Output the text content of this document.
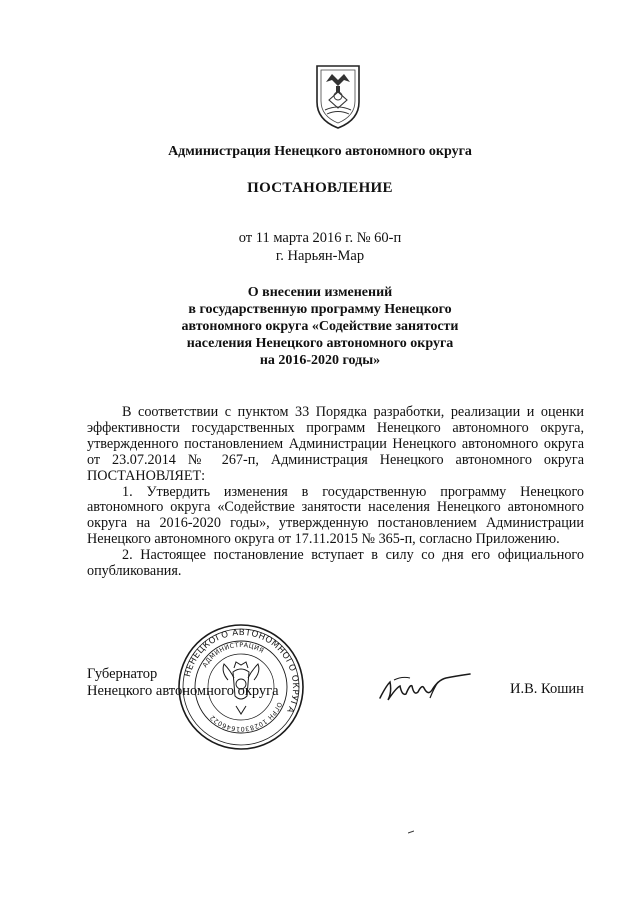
Администрация Ненецкого автономного округа
ПОСТАНОВЛЕНИЕ
от 11 марта 2016 г. № 60-п
г. Нарьян-Мар
О внесении изменений
в государственную программу Ненецкого
автономного округа «Содействие занятости
населения Ненецкого автономного округа
на 2016-2020 годы»

В соответствии с пунктом 33 Порядка разработки, реализации и оценки эффективности государственных программ Ненецкого автономного округа, утвержденного постановлением Администрации Ненецкого автономного округа от 23.07.2014 № 267-п, Администрация Ненецкого автономного округа ПОСТАНОВЛЯЕТ:

1. Утвердить изменения в государственную программу Ненецкого автономного округа «Содействие занятости населения Ненецкого автономного округа на 2016-2020 годы», утвержденную постановлением Администрации Ненецкого автономного округа от 17.11.2015 № 365-п, согласно Приложению.

2. Настоящее постановление вступает в силу со дня его официального опубликования.

Губернатор
Ненецкого автономного округа
НЕНЕЦКОГО АВТОНОМНОГО ОКРУГА
ОГРН 1028301646022
АДМИНИСТРАЦИЯ
И.В. Кошин
